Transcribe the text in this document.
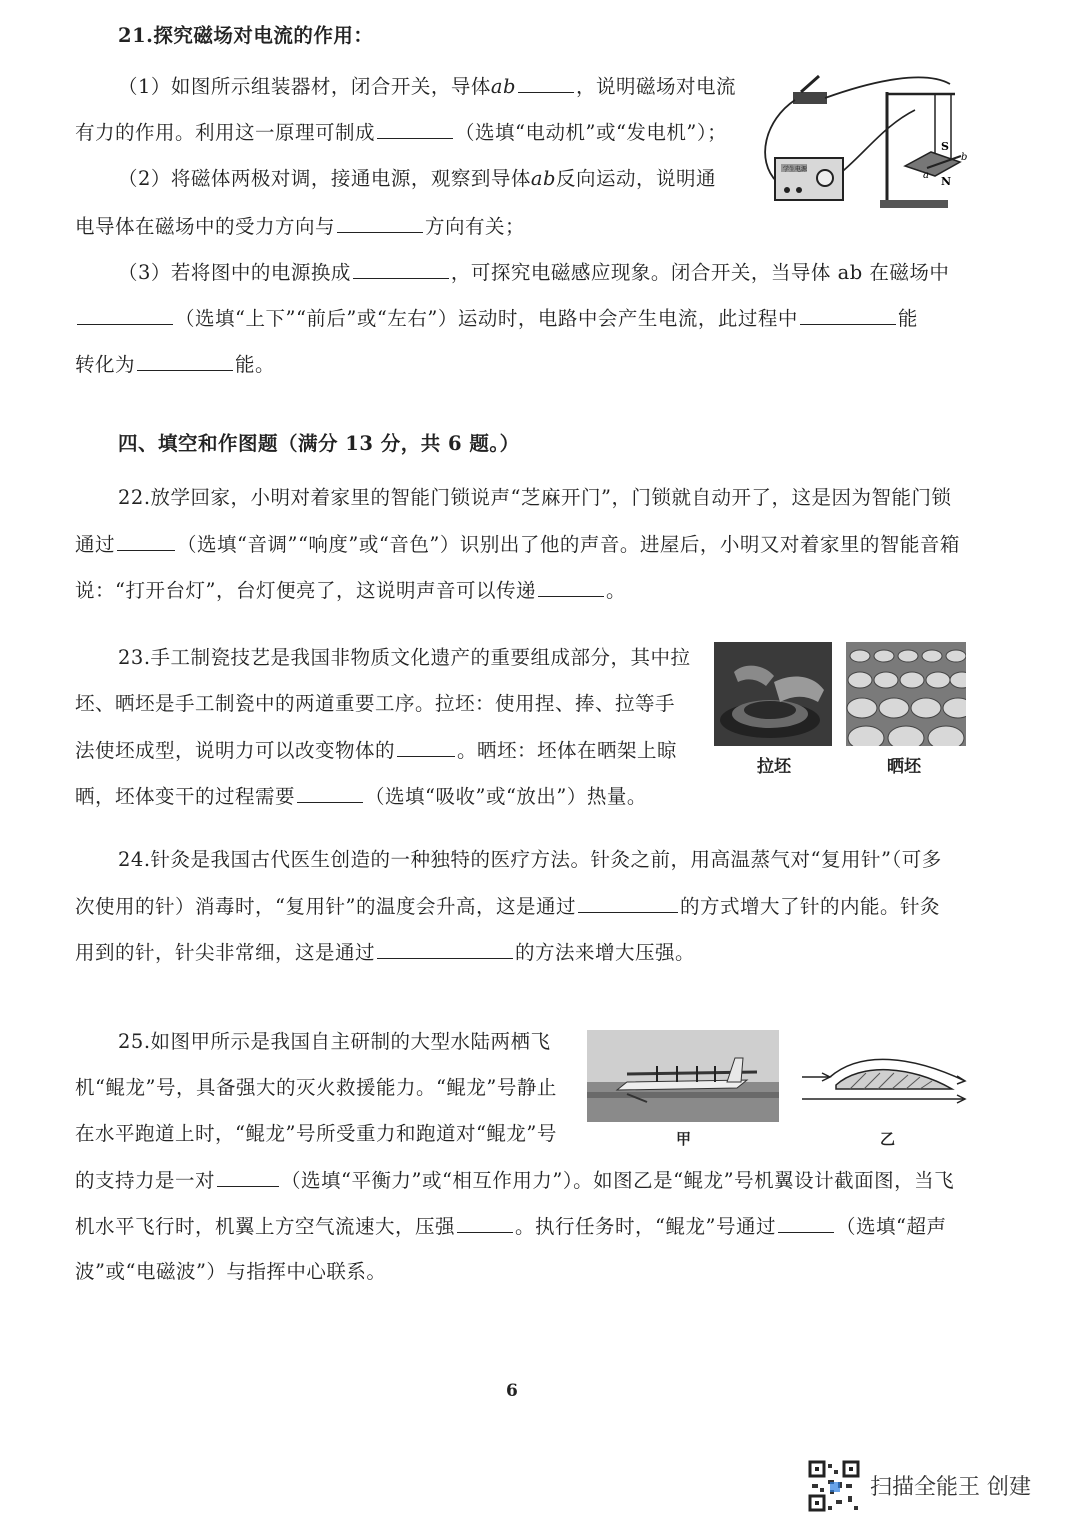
21.探究磁场对电流的作用：
（1）如图所示组装器材，闭合开关，导体ab	，说明磁场对电流
有力的作用。利用这一原理可制成	（选填“电动机”或“发电机”）；
（2）将磁体两极对调，接通电源，观察到导体ab反向运动，说明通
电导体在磁场中的受力方向与	方向有关；
（3）若将图中的电源换成	，可探究电磁感应现象。闭合开关，当导体 ab 在磁场中
（选填“上下”“前后”或“左右”）运动时，电路中会产生电流，此过程中	能
转化为	能。
学生电源
S
b
a N
四、填空和作图题（满分 13 分，共 6 题。）
22.放学回家，小明对着家里的智能门锁说声“芝麻开门”，门锁就自动开了，这是因为智能门锁
通过	（选填“音调”“响度”或“音色”）识别出了他的声音。进屋后，小明又对着家里的智能音箱
说：“打开台灯”，台灯便亮了，这说明声音可以传递	。
23.手工制瓷技艺是我国非物质文化遗产的重要组成部分，其中拉
坯、晒坯是手工制瓷中的两道重要工序。拉坯：使用捏、捧、拉等手
法使坯成型，说明力可以改变物体的	。晒坯：坯体在晒架上晾
晒，坯体变干的过程需要	（选填“吸收”或“放出”）热量。
拉坯	晒坯
24.针灸是我国古代医生创造的一种独特的医疗方法。针灸之前，用高温蒸气对“复用针”（可多
次使用的针）消毒时，“复用针”的温度会升高，这是通过	的方式增大了针的内能。针灸
用到的针，针尖非常细，这是通过	的方法来增大压强。
25.如图甲所示是我国自主研制的大型水陆两栖飞
机“鲲龙”号，具备强大的灭火救援能力。“鲲龙”号静止
在水平跑道上时，“鲲龙”号所受重力和跑道对“鲲龙”号
的支持力是一对	（选填“平衡力”或“相互作用力”）。如图乙是“鲲龙”号机翼设计截面图，当飞
机水平飞行时，机翼上方空气流速大，压强	。执行任务时，“鲲龙”号通过	（选填“超声
波”或“电磁波”）与指挥中心联系。
甲	乙
6
扫描全能王 创建
